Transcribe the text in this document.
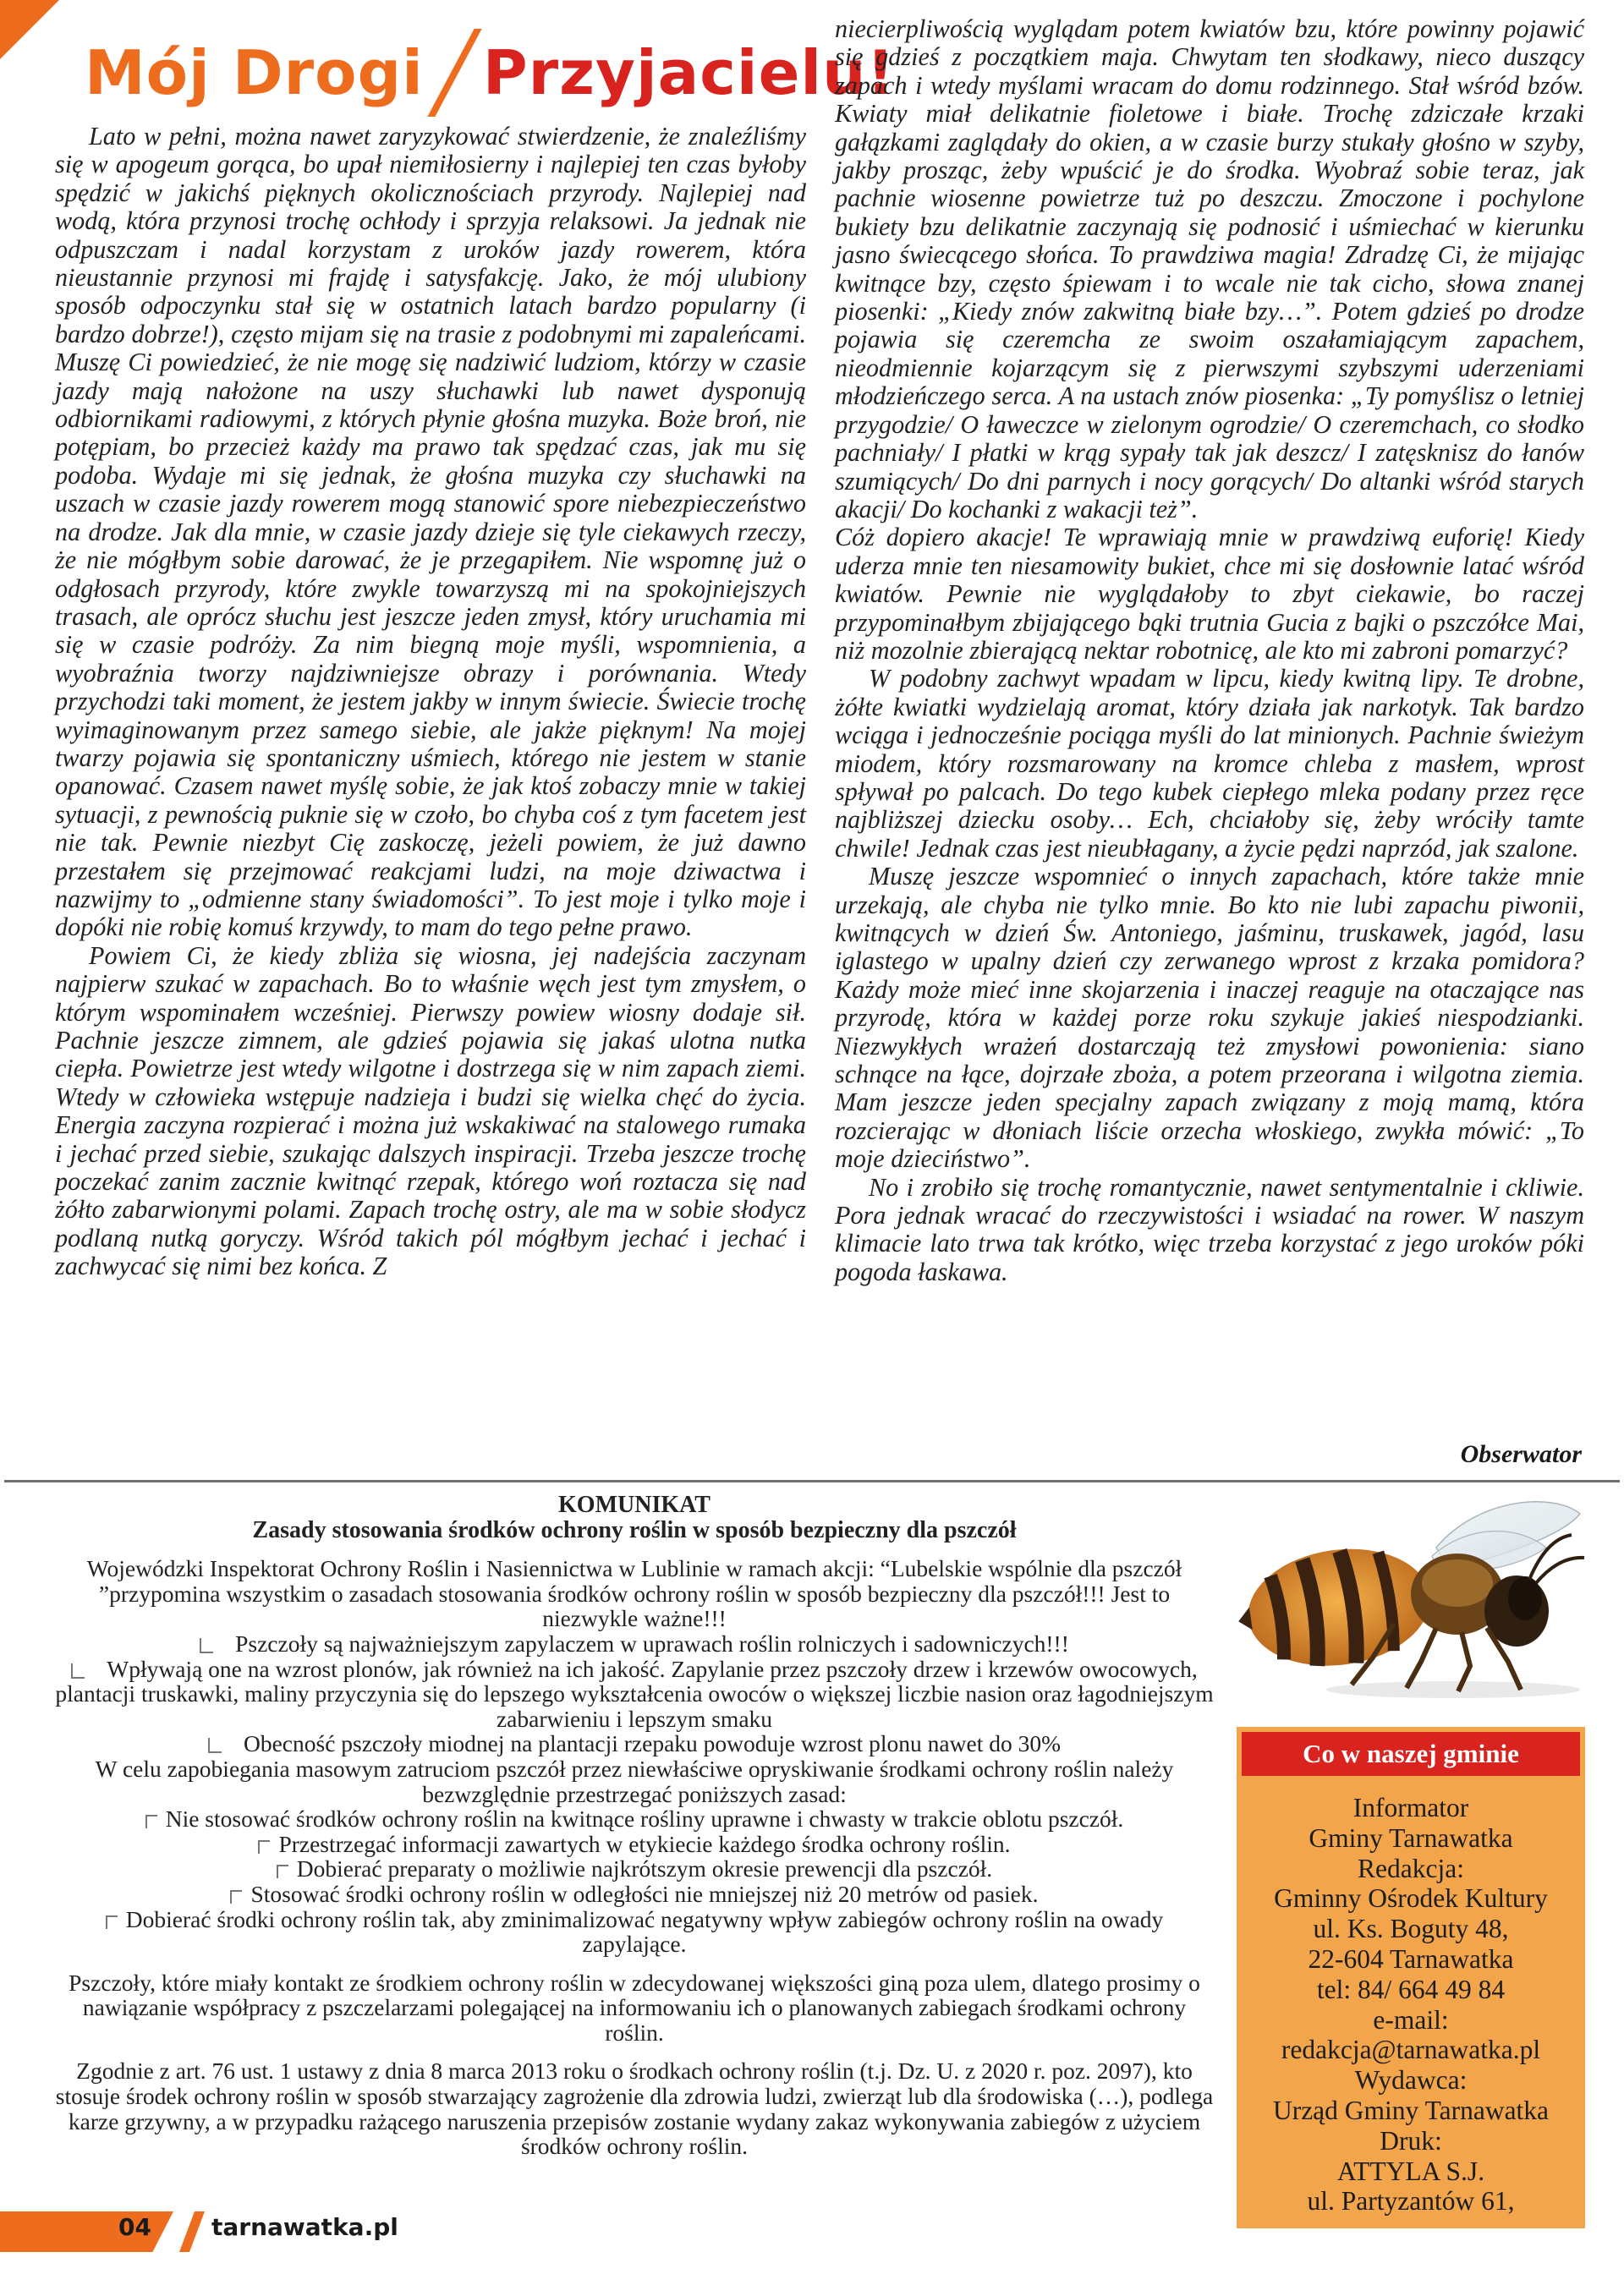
Mój Drogi Przyjacielu!

Lato w pełni, można nawet zaryzykować stwierdzenie, że znaleźliśmy się w apogeum gorąca, bo upał niemiłosierny i najlepiej ten czas byłoby spędzić w jakichś pięknych okolicznościach przyrody. Najlepiej nad wodą, która przynosi trochę ochłody i sprzyja relaksowi. Ja jednak nie odpuszczam i nadal korzystam z uroków jazdy rowerem, która nieustannie przynosi mi frajdę i satysfakcję. Jako, że mój ulubiony sposób odpoczynku stał się w ostatnich latach bardzo popularny (i bardzo dobrze!), często mijam się na trasie z podobnymi mi zapaleńcami. Muszę Ci powiedzieć, że nie mogę się nadziwić ludziom, którzy w czasie jazdy mają nałożone na uszy słuchawki lub nawet dysponują odbiornikami radiowymi, z których płynie głośna muzyka. Boże broń, nie potępiam, bo przecież każdy ma prawo tak spędzać czas, jak mu się podoba. Wydaje mi się jednak, że głośna muzyka czy słuchawki na uszach w czasie jazdy rowerem mogą stanowić spore niebezpieczeństwo na drodze. Jak dla mnie, w czasie jazdy dzieje się tyle ciekawych rzeczy, że nie mógłbym sobie darować, że je przegapiłem. Nie wspomnę już o odgłosach przyrody, które zwykle towarzyszą mi na spokojniejszych trasach, ale oprócz słuchu jest jeszcze jeden zmysł, który uruchamia mi się w czasie podróży. Za nim biegną moje myśli, wspomnienia, a wyobraźnia tworzy najdziwniejsze obrazy i porównania. Wtedy przychodzi taki moment, że jestem jakby w innym świecie. Świecie trochę wyimaginowanym przez samego siebie, ale jakże pięknym! Na mojej twarzy pojawia się spontaniczny uśmiech, którego nie jestem w stanie opanować. Czasem nawet myślę sobie, że jak ktoś zobaczy mnie w takiej sytuacji, z pewnością puknie się w czoło, bo chyba coś z tym facetem jest nie tak. Pewnie niezbyt Cię zaskoczę, jeżeli powiem, że już dawno przestałem się przejmować reakcjami ludzi, na moje dziwactwa i nazwijmy to „odmienne stany świadomości”. To jest moje i tylko moje i dopóki nie robię komuś krzywdy, to mam do tego pełne prawo.

Powiem Ci, że kiedy zbliża się wiosna, jej nadejścia zaczynam najpierw szukać w zapachach. Bo to właśnie węch jest tym zmysłem, o którym wspominałem wcześniej. Pierwszy powiew wiosny dodaje sił. Pachnie jeszcze zimnem, ale gdzieś pojawia się jakaś ulotna nutka ciepła. Powietrze jest wtedy wilgotne i dostrzega się w nim zapach ziemi. Wtedy w człowieka wstępuje nadzieja i budzi się wielka chęć do życia. Energia zaczyna rozpierać i można już wskakiwać na stalowego rumaka i jechać przed siebie, szukając dalszych inspiracji. Trzeba jeszcze trochę poczekać zanim zacznie kwitnąć rzepak, którego woń roztacza się nad żółto zabarwionymi polami. Zapach trochę ostry, ale ma w sobie słodycz podlaną nutką goryczy. Wśród takich pól mógłbym jechać i jechać i zachwycać się nimi bez końca. Z

niecierpliwością wyglądam potem kwiatów bzu, które powinny pojawić się gdzieś z początkiem maja. Chwytam ten słodkawy, nieco duszący zapach i wtedy myślami wracam do domu rodzinnego. Stał wśród bzów. Kwiaty miał delikatnie fioletowe i białe. Trochę zdziczałe krzaki gałązkami zaglądały do okien, a w czasie burzy stukały głośno w szyby, jakby prosząc, żeby wpuścić je do środka. Wyobraź sobie teraz, jak pachnie wiosenne powietrze tuż po deszczu. Zmoczone i pochylone bukiety bzu delikatnie zaczynają się podnosić i uśmiechać w kierunku jasno świecącego słońca. To prawdziwa magia! Zdradzę Ci, że mijając kwitnące bzy, często śpiewam i to wcale nie tak cicho, słowa znanej piosenki: „Kiedy znów zakwitną białe bzy…”. Potem gdzieś po drodze pojawia się czeremcha ze swoim oszałamiającym zapachem, nieodmiennie kojarzącym się z pierwszymi szybszymi uderzeniami młodzieńczego serca. A na ustach znów piosenka: „Ty pomyślisz o letniej przygodzie/ O ławeczce w zielonym ogrodzie/ O czeremchach, co słodko pachniały/ I płatki w krąg sypały tak jak deszcz/ I zatęsknisz do łanów szumiących/ Do dni parnych i nocy gorących/ Do altanki wśród starych akacji/ Do kochanki z wakacji też”.

Cóż dopiero akacje! Te wprawiają mnie w prawdziwą euforię! Kiedy uderza mnie ten niesamowity bukiet, chce mi się dosłownie latać wśród kwiatów. Pewnie nie wyglądałoby to zbyt ciekawie, bo raczej przypominałbym zbijającego bąki trutnia Gucia z bajki o pszczółce Mai, niż mozolnie zbierającą nektar robotnicę, ale kto mi zabroni pomarzyć?

W podobny zachwyt wpadam w lipcu, kiedy kwitną lipy. Te drobne, żółte kwiatki wydzielają aromat, który działa jak narkotyk. Tak bardzo wciąga i jednocześnie pociąga myśli do lat minionych. Pachnie świeżym miodem, który rozsmarowany na kromce chleba z masłem, wprost spływał po palcach. Do tego kubek ciepłego mleka podany przez ręce najbliższej dziecku osoby… Ech, chciałoby się, żeby wróciły tamte chwile! Jednak czas jest nieubłagany, a życie pędzi naprzód, jak szalone.

Muszę jeszcze wspomnieć o innych zapachach, które także mnie urzekają, ale chyba nie tylko mnie. Bo kto nie lubi zapachu piwonii, kwitnących w dzień Św. Antoniego, jaśminu, truskawek, jagód, lasu iglastego w upalny dzień czy zerwanego wprost z krzaka pomidora? Każdy może mieć inne skojarzenia i inaczej reaguje na otaczające nas przyrodę, która w każdej porze roku szykuje jakieś niespodzianki. Niezwykłych wrażeń dostarczają też zmysłowi powonienia: siano schnące na łące, dojrzałe zboża, a potem przeorana i wilgotna ziemia. Mam jeszcze jeden specjalny zapach związany z moją mamą, która rozcierając w dłoniach liście orzecha włoskiego, zwykła mówić: „To moje dzieciństwo”.

No i zrobiło się trochę romantycznie, nawet sentymentalnie i ckliwie. Pora jednak wracać do rzeczywistości i wsiadać na rower. W naszym klimacie lato trwa tak krótko, więc trzeba korzystać z jego uroków póki pogoda łaskawa.

Obserwator
KOMUNIKAT
Zasady stosowania środków ochrony roślin w sposób bezpieczny dla pszczół
Wojewódzki Inspektorat Ochrony Roślin i Nasiennictwa w Lublinie w ramach akcji: “Lubelskie wspólnie dla pszczół ”przypomina wszystkim o zasadach stosowania środków ochrony roślin w sposób bezpieczny dla pszczół!!! Jest to niezwykle ważne!!!
Pszczoły są najważniejszym zapylaczem w uprawach roślin rolniczych i sadowniczych!!!
Wpływają one na wzrost plonów, jak również na ich jakość. Zapylanie przez pszczoły drzew i krzewów owocowych, plantacji truskawki, maliny przyczynia się do lepszego wykształcenia owoców o większej liczbie nasion oraz łagodniejszym zabarwieniu i lepszym smaku
Obecność pszczoły miodnej na plantacji rzepaku powoduje wzrost plonu nawet do 30%
W celu zapobiegania masowym zatruciom pszczół przez niewłaściwe opryskiwanie środkami ochrony roślin należy bezwzględnie przestrzegać poniższych zasad:
Nie stosować środków ochrony roślin na kwitnące rośliny uprawne i chwasty w trakcie oblotu pszczół.
Przestrzegać informacji zawartych w etykiecie każdego środka ochrony roślin.
Dobierać preparaty o możliwie najkrótszym okresie prewencji dla pszczół.
Stosować środki ochrony roślin w odległości nie mniejszej niż 20 metrów od pasiek.
Dobierać środki ochrony roślin tak, aby zminimalizować negatywny wpływ zabiegów ochrony roślin na owady zapylające.
Pszczoły, które miały kontakt ze środkiem ochrony roślin w zdecydowanej większości giną poza ulem, dlatego prosimy o nawiązanie współpracy z pszczelarzami polegającej na informowaniu ich o planowanych zabiegach środkami ochrony roślin.
Zgodnie z art. 76 ust. 1 ustawy z dnia 8 marca 2013 roku o środkach ochrony roślin (t.j. Dz. U. z 2020 r. poz. 2097), kto stosuje środek ochrony roślin w sposób stwarzający zagrożenie dla zdrowia ludzi, zwierząt lub dla środowiska (…), podlega karze grzywny, a w przypadku rażącego naruszenia przepisów zostanie wydany zakaz wykonywania zabiegów z użyciem środków ochrony roślin.
Co w naszej gminie
Informator
Gminy Tarnawatka
Redakcja:
Gminny Ośrodek Kultury
ul. Ks. Boguty 48,
22-604 Tarnawatka
tel: 84/ 664 49 84
e-mail:
redakcja@tarnawatka.pl
Wydawca:
Urząd Gminy Tarnawatka
Druk:
ATTYLA S.J.
ul. Partyzantów 61,
04	tarnawatka.pl
